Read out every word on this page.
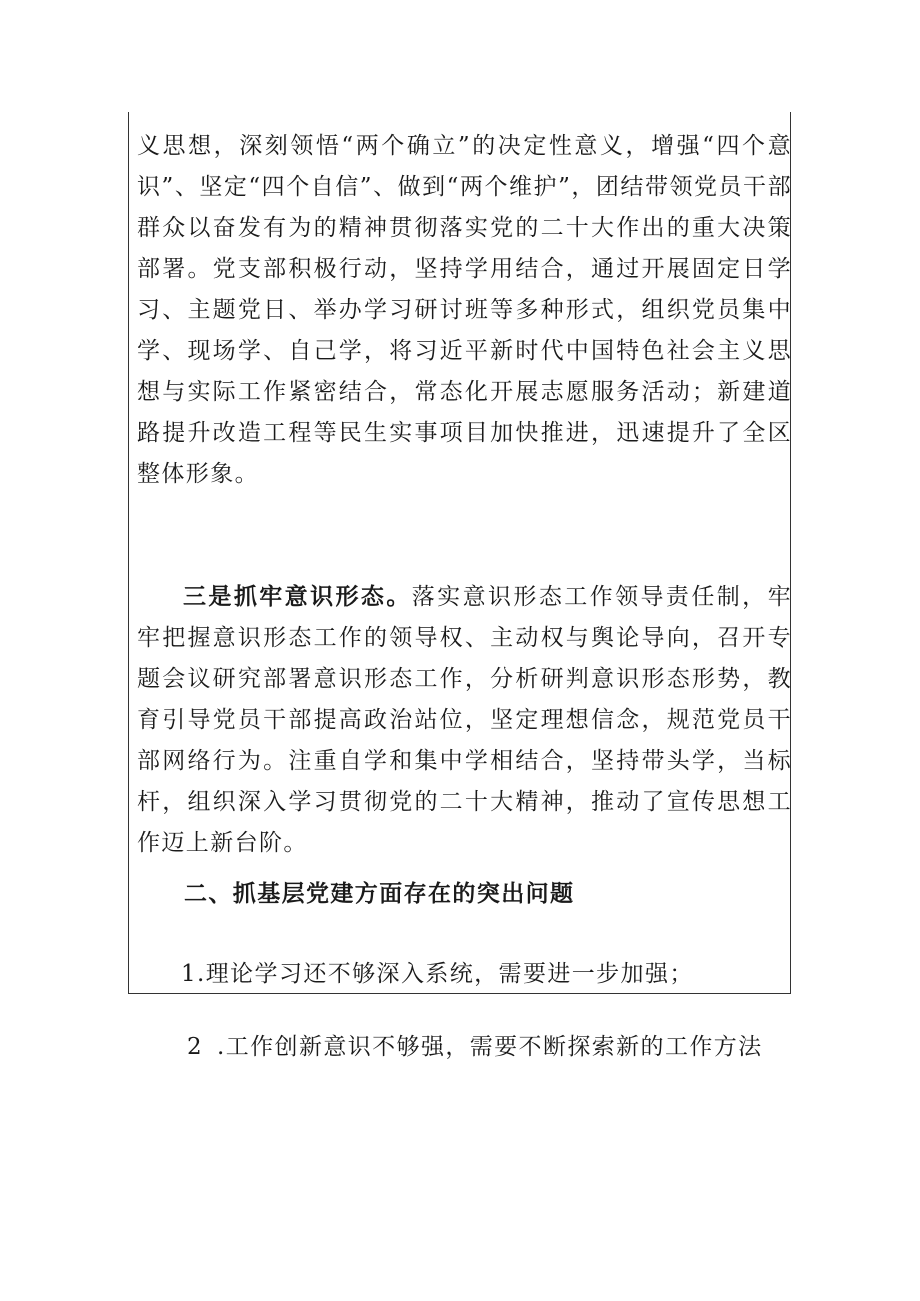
义思想，深刻领悟“两个确立”的决定性意义，增强“四个意识”、坚定“四个自信”、做到“两个维护”，团结带领党员干部群众以奋发有为的精神贯彻落实党的二十大作出的重大决策部署。党支部积极行动，坚持学用结合，通过开展固定日学习、主题党日、举办学习研讨班等多种形式，组织党员集中学、现场学、自己学，将习近平新时代中国特色社会主义思想与实际工作紧密结合，常态化开展志愿服务活动；新建道路提升改造工程等民生实事项目加快推进，迅速提升了全区整体形象。
三是抓牢意识形态。落实意识形态工作领导责任制，牢牢把握意识形态工作的领导权、主动权与舆论导向，召开专题会议研究部署意识形态工作，分析研判意识形态形势，教育引导党员干部提高政治站位，坚定理想信念，规范党员干部网络行为。注重自学和集中学相结合，坚持带头学，当标杆，组织深入学习贯彻党的二十大精神，推动了宣传思想工作迈上新台阶。
二、抓基层党建方面存在的突出问题
1.理论学习还不够深入系统，需要进一步加强；
2 .工作创新意识不够强，需要不断探索新的工作方法
